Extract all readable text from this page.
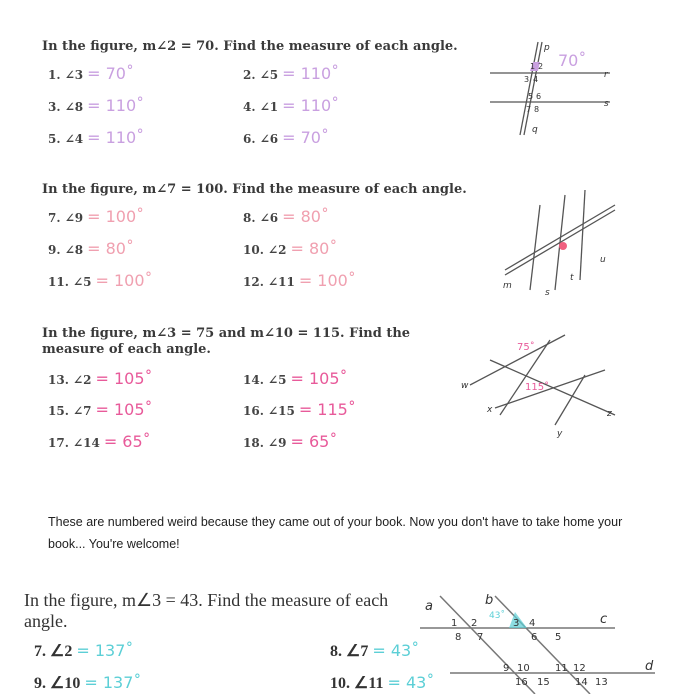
In the figure, m∠2 = 70. Find the measure of each angle.
In the figure, m∠7 = 100. Find the measure of each angle.
In the figure, m∠3 = 75 and m∠10 = 115. Find the measure of each angle.
These are numbered weird because they came out of your book. Now you don't have to take home your book... You're welcome!
In the figure, m∠3 = 43. Find the measure of each angle.
1 2
3 4
5 6
7 8
r
s
p
q
70˚
m
s
t
u
w
x
y
z
75˚
115˚
a	b
c
d
1 2	3 4
5
6
7
8
9 10	11 12
13
14
15
16
43˚
1. ∠3 = 70˚	2. ∠5 = 110˚
3. ∠8 = 110˚	4. ∠1 = 110˚
5. ∠4 = 110˚	6. ∠6 = 70˚
7. ∠9 = 100˚	8. ∠6 = 80˚
9. ∠8 = 80˚	10. ∠2 = 80˚
11. ∠5 = 100˚	12. ∠11 = 100˚
13. ∠2 = 105˚	14. ∠5 = 105˚
15. ∠7 = 105˚	16. ∠15 = 115˚
17. ∠14 = 65˚	18. ∠9 = 65˚
7. ∠2 = 137˚	8. ∠7 = 43˚
9. ∠10 = 137˚	10. ∠11 = 43˚
